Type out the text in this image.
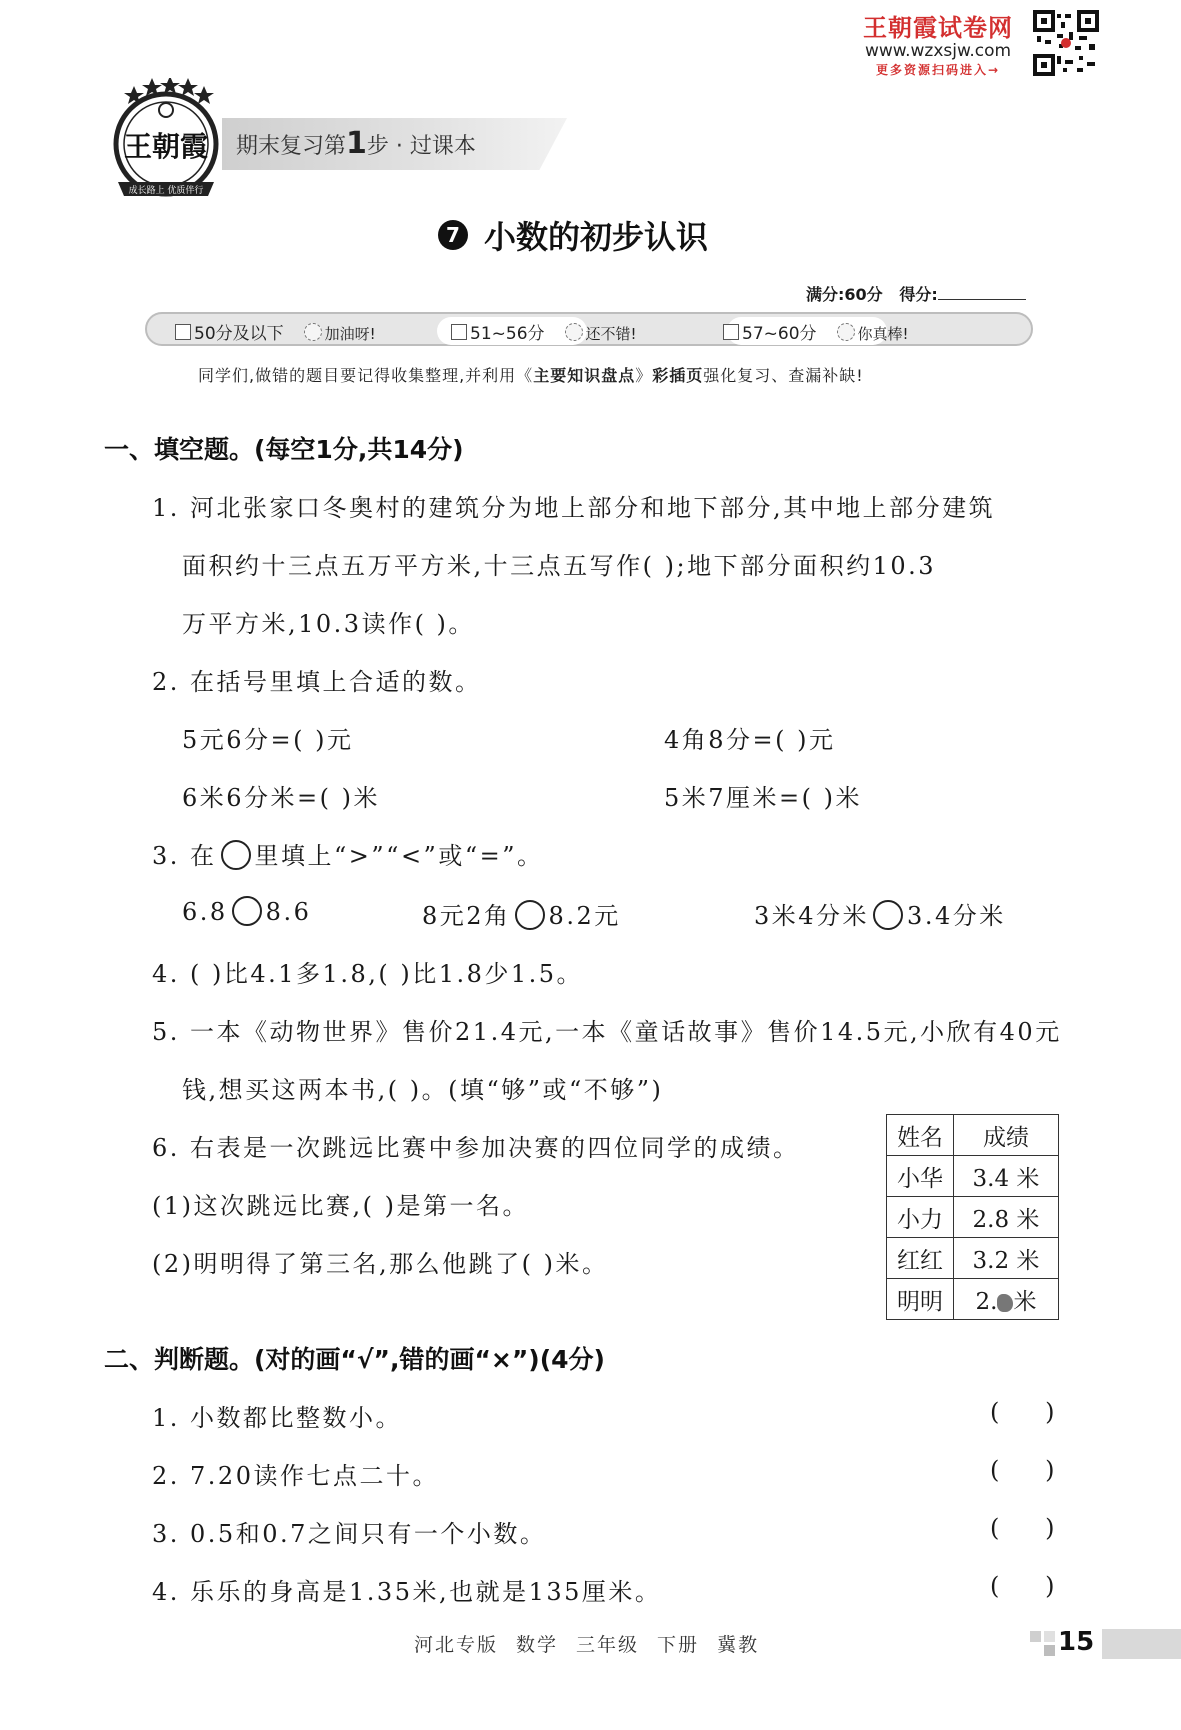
王朝霞试卷网
www.wzxsjw.com
更多资源扫码进入→
王朝霞
成长路上 优质伴行
期末复习第1步 · 过课本
7 小数的初步认识
满分:60分 得分:
50分及以下	加油呀!	51~56分	还不错!	57~60分	你真棒!
同学们,做错的题目要记得收集整理,并利用《主要知识盘点》彩插页强化复习、查漏补缺!
一、填空题。(每空1分,共14分)
1. 河北张家口冬奥村的建筑分为地上部分和地下部分,其中地上部分建筑
面积约十三点五万平方米,十三点五写作( );地下部分面积约10.3
万平方米,10.3读作( )。
2. 在括号里填上合适的数。
5元6分=( )元	4角8分=( )元
6米6分米=( )米	5米7厘米=( )米
3. 在 里填上“>”“<”或“=”。
6.8 8.6	8元2角 8.2元	3米4分米 3.4分米
4. ( )比4.1多1.8,( )比1.8少1.5。
5. 一本《动物世界》售价21.4元,一本《童话故事》售价14.5元,小欣有40元
钱,想买这两本书,( )。(填“够”或“不够”)
6. 右表是一次跳远比赛中参加决赛的四位同学的成绩。
(1)这次跳远比赛,( )是第一名。
(2)明明得了第三名,那么他跳了( )米。
姓名	成绩
小华	3.4 米
小力	2.8 米
红红	3.2 米
明明	2. 米
二、判断题。(对的画“√”,错的画“×”)(4分)
1. 小数都比整数小。	(      )
2. 7.20读作七点二十。	(      )
3. 0.5和0.7之间只有一个小数。	(      )
4. 乐乐的身高是1.35米,也就是135厘米。	(      )
河北专版 数学 三年级 下册 冀教	15
